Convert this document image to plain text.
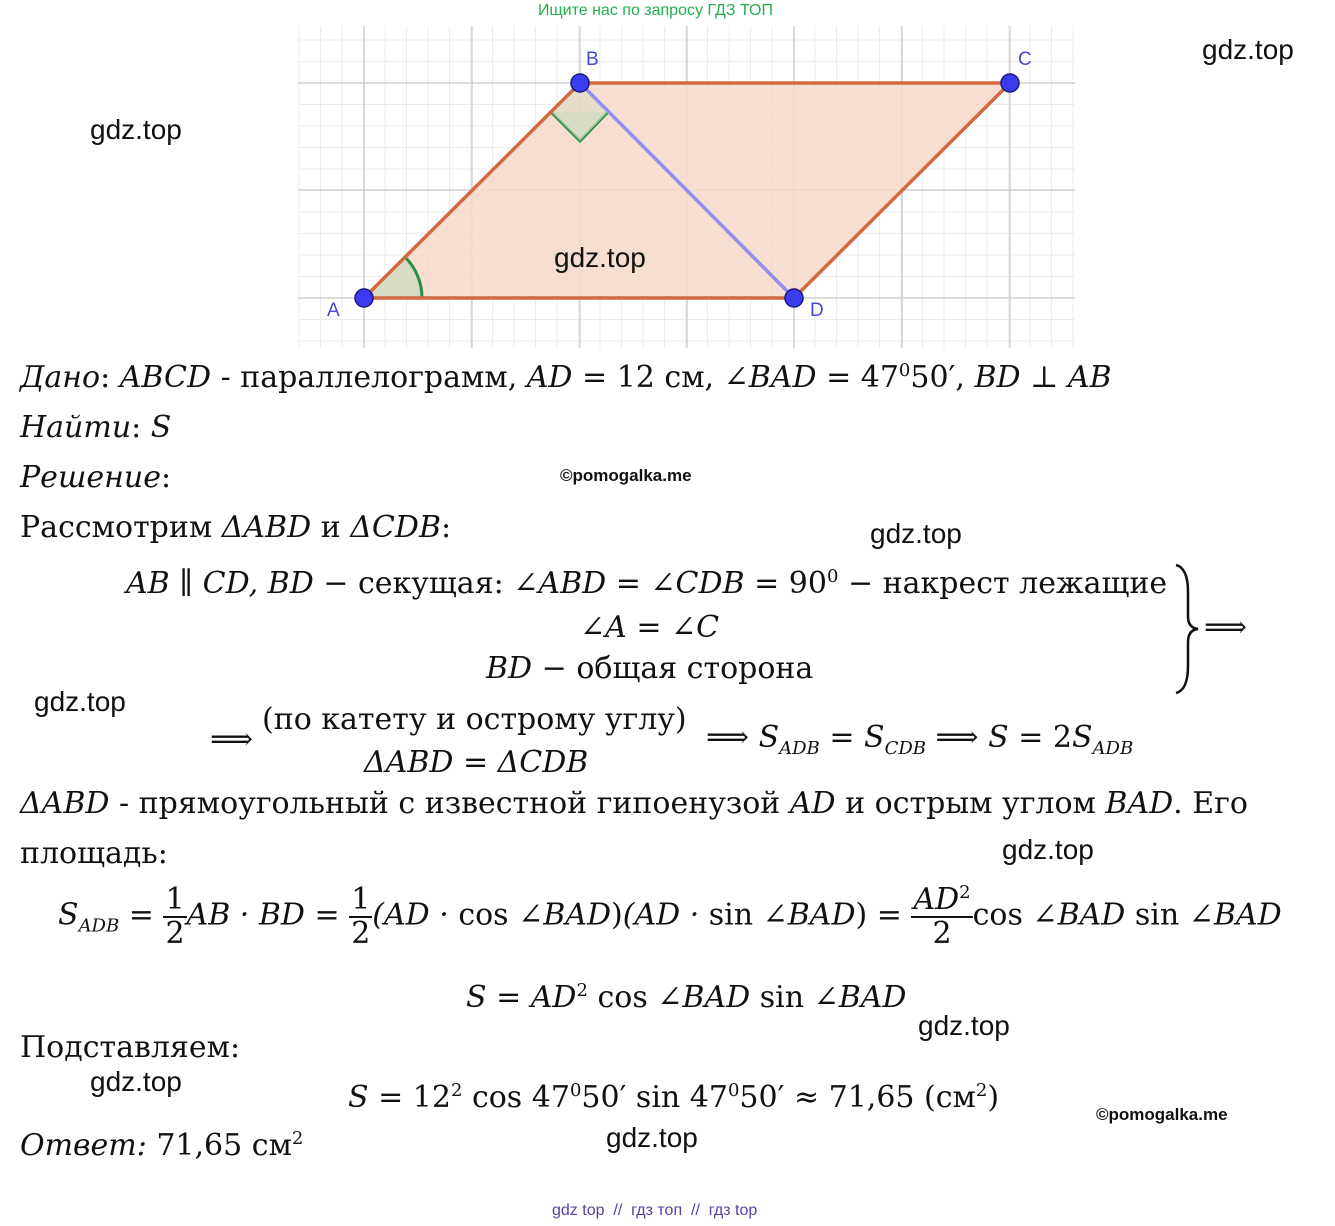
Ищите нас по запросу ГДЗ ТОП
A
B	C
D
gdz.top
gdz.top
gdz.top
gdz.top
gdz.top
gdz.top
gdz.top
gdz.top
gdz.top
©pomogalka.me
©pomogalka.me
Дано: ABCD - параллелограмм, AD = 12 см, ∠BAD = $47^050'$, BD ⊥ AB
Найти: S
Решение:
Рассмотрим ΔABD и ΔCDB:
AB ∥ CD, BD − секущая: ∠ABD = ∠CDB = $90^0$ − накрест лежащие
∠A = ∠C
BD − общая сторона
⟹
⟹
(по катету и острому углу)
ΔABD = ΔCDB
⟹ $S_{ADB} = S_{CDB}$ ⟹ $S = 2S_{ADB}$
ΔABD - прямоугольный с известной гипоенузой AD и острым углом BAD. Его
площадь:
$S_{ADB} = \frac{1}{2}$ AB · BD = $\frac{1}{2} (AD \cdot \cos$ ∠BAD)(AD · sin ∠BAD) = $\frac{AD^2}{2}$ cos ∠BAD sin ∠BAD
$S = AD^2$ cos ∠BAD sin ∠BAD
Подставляем:
$S = 12^2$ $\cos 47^050'$ $\sin 47^050' \approx 71,65$ $(см^2)$
Ответ: 71,65 $см^2$
gdz top  //  гдз топ  //  гдз top
